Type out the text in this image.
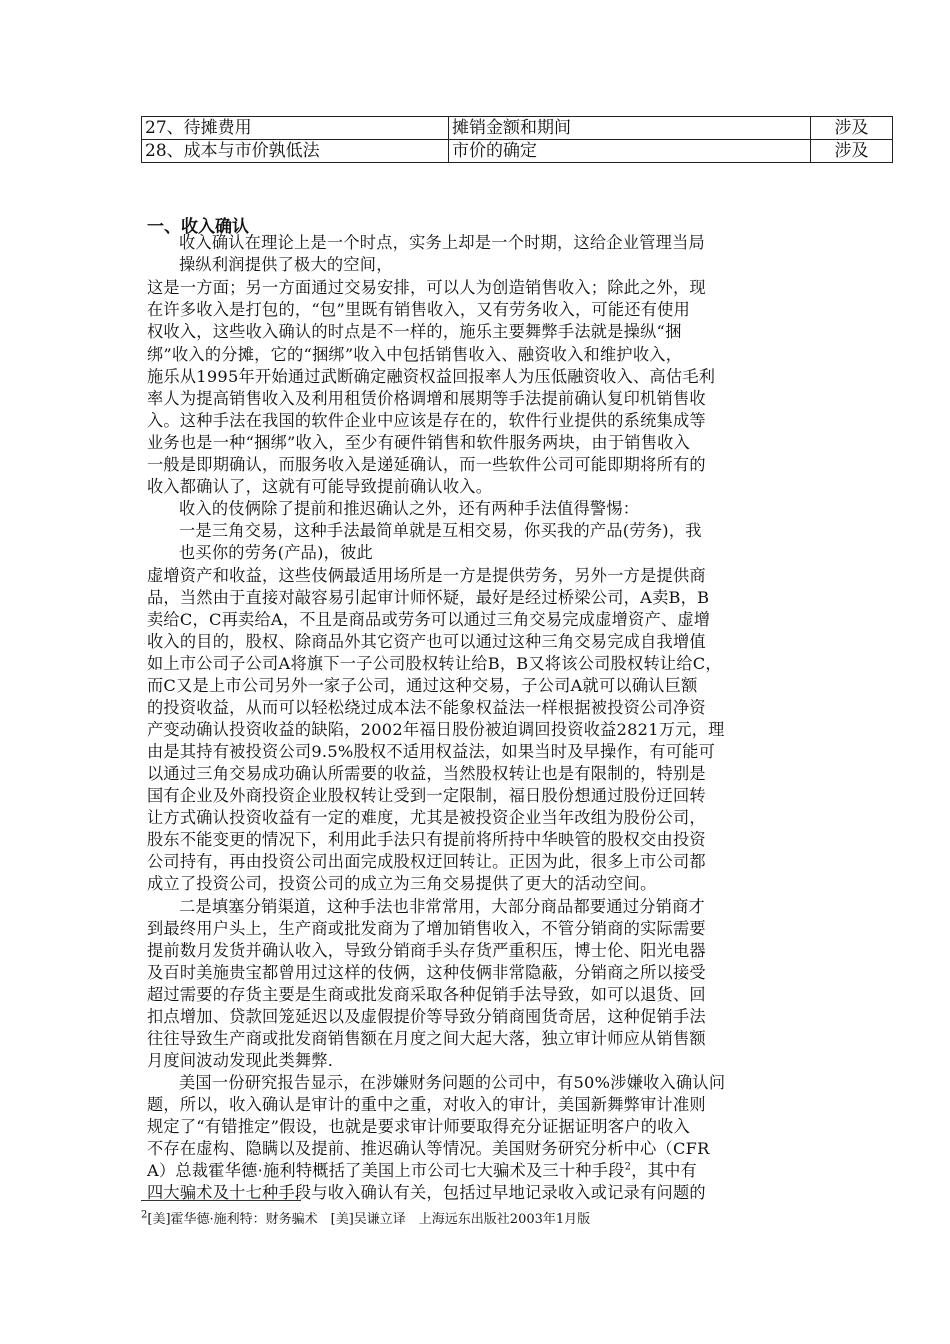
27、待摊费用	摊销金额和期间	涉及
28、成本与市价孰低法	市价的确定	涉及
一、收入确认
收入确认在理论上是一个时点，实务上却是一个时期，这给企业管理当局
操纵利润提供了极大的空间，
这是一方面；另一方面通过交易安排，可以人为创造销售收入；除此之外，现
在许多收入是打包的，“包”里既有销售收入，又有劳务收入，可能还有使用
权收入，这些收入确认的时点是不一样的，施乐主要舞弊手法就是操纵“捆
绑”收入的分摊，它的“捆绑”收入中包括销售收入、融资收入和维护收入，
施乐从1995年开始通过武断确定融资权益回报率人为压低融资收入、高估毛利
率人为提高销售收入及利用租赁价格调增和展期等手法提前确认复印机销售收
入。这种手法在我国的软件企业中应该是存在的，软件行业提供的系统集成等
业务也是一种“捆绑”收入，至少有硬件销售和软件服务两块，由于销售收入
一般是即期确认，而服务收入是递延确认，而一些软件公司可能即期将所有的
收入都确认了，这就有可能导致提前确认收入。
收入的伎俩除了提前和推迟确认之外，还有两种手法值得警惕：
一是三角交易，这种手法最简单就是互相交易，你买我的产品(劳务)，我
也买你的劳务(产品)，彼此
虚增资产和收益，这些伎俩最适用场所是一方是提供劳务，另外一方是提供商
品，当然由于直接对敲容易引起审计师怀疑，最好是经过桥梁公司，A卖B，B
卖给C，C再卖给A，不且是商品或劳务可以通过三角交易完成虚增资产、虚增
收入的目的，股权、除商品外其它资产也可以通过这种三角交易完成自我增值
如上市公司子公司A将旗下一子公司股权转让给B，B又将该公司股权转让给C，
而C又是上市公司另外一家子公司，通过这种交易，子公司A就可以确认巨额
的投资收益，从而可以轻松绕过成本法不能象权益法一样根据被投资公司净资
产变动确认投资收益的缺陷，2002年福日股份被迫调回投资收益2821万元，理
由是其持有被投资公司9.5%股权不适用权益法，如果当时及早操作，有可能可
以通过三角交易成功确认所需要的收益，当然股权转让也是有限制的，特别是
国有企业及外商投资企业股权转让受到一定限制，福日股份想通过股份迂回转
让方式确认投资收益有一定的难度，尤其是被投资企业当年改组为股份公司，
股东不能变更的情况下，利用此手法只有提前将所持中华映管的股权交由投资
公司持有，再由投资公司出面完成股权迂回转让。正因为此，很多上市公司都
成立了投资公司，投资公司的成立为三角交易提供了更大的活动空间。
二是填塞分销渠道，这种手法也非常常用，大部分商品都要通过分销商才
到最终用户头上，生产商或批发商为了增加销售收入，不管分销商的实际需要
提前数月发货并确认收入，导致分销商手头存货严重积压，博士伦、阳光电器
及百时美施贵宝都曾用过这样的伎俩，这种伎俩非常隐蔽，分销商之所以接受
超过需要的存货主要是生商或批发商采取各种促销手法导致，如可以退货、回
扣点增加、贷款回笼延迟以及虚假提价等导致分销商囤货奇居，这种促销手法
往往导致生产商或批发商销售额在月度之间大起大落，独立审计师应从销售额
月度间波动发现此类舞弊.
美国一份研究报告显示，在涉嫌财务问题的公司中，有50%涉嫌收入确认问
题，所以，收入确认是审计的重中之重，对收入的审计，美国新舞弊审计准则
规定了“有错推定”假设，也就是要求审计师要取得充分证据证明客户的收入
不存在虚构、隐瞒以及提前、推迟确认等情况。美国财务研究分析中心（CFR
A）总裁霍华德·施利特概括了美国上市公司七大骗术及三十种手段$^2$，其中有
四大骗术及十七种手段与收入确认有关，包括过早地记录收入或记录有问题的
$^2$[美]霍华德·施利特：财务骗术　[美]吴谦立译　上海远东出版社2003年1月版
